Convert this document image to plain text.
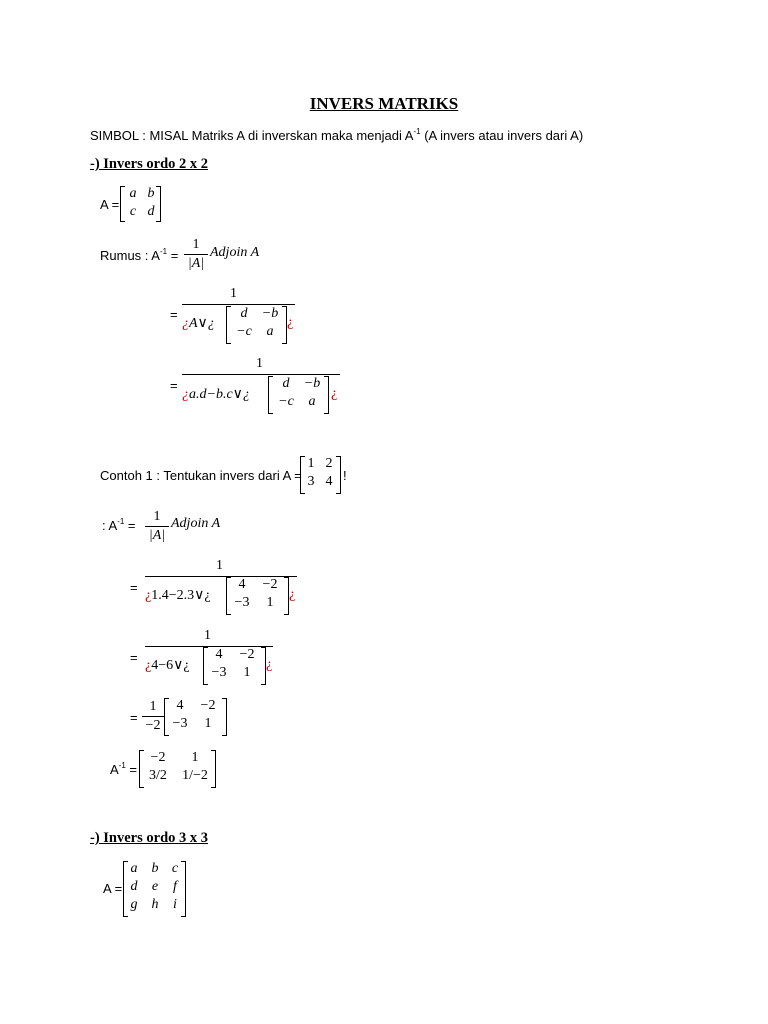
INVERS MATRIKS
SIMBOL : MISAL Matriks A di inverskan maka menjadi $A^{-1}$ (A invers atau invers dari A)
-) Invers ordo 2 x 2
A =
a b
c d
Rumus : $A^{-1}$ =
1
|A|
Adjoin A
=
1
¿A∨¿
d	−b
−c	a
¿
=
1
¿a.d−b.c∨¿
d	−b
−c	a
¿
Contoh 1 : Tentukan invers dari A =
1 2
3 4 !
: $A^{-1}$ =
1
|A|
Adjoin A
=
1
¿1.4−2.3∨¿
4	−2
−3	1
¿
=
1
¿4−6∨¿
4	−2
−3	1
¿
=
1
−2
4	−2
−3	1
$A^{-1}$ =
−2	1
3/2	1/−2
-) Invers ordo 3 x 3
A =
a b c
d e	f
g h	i
